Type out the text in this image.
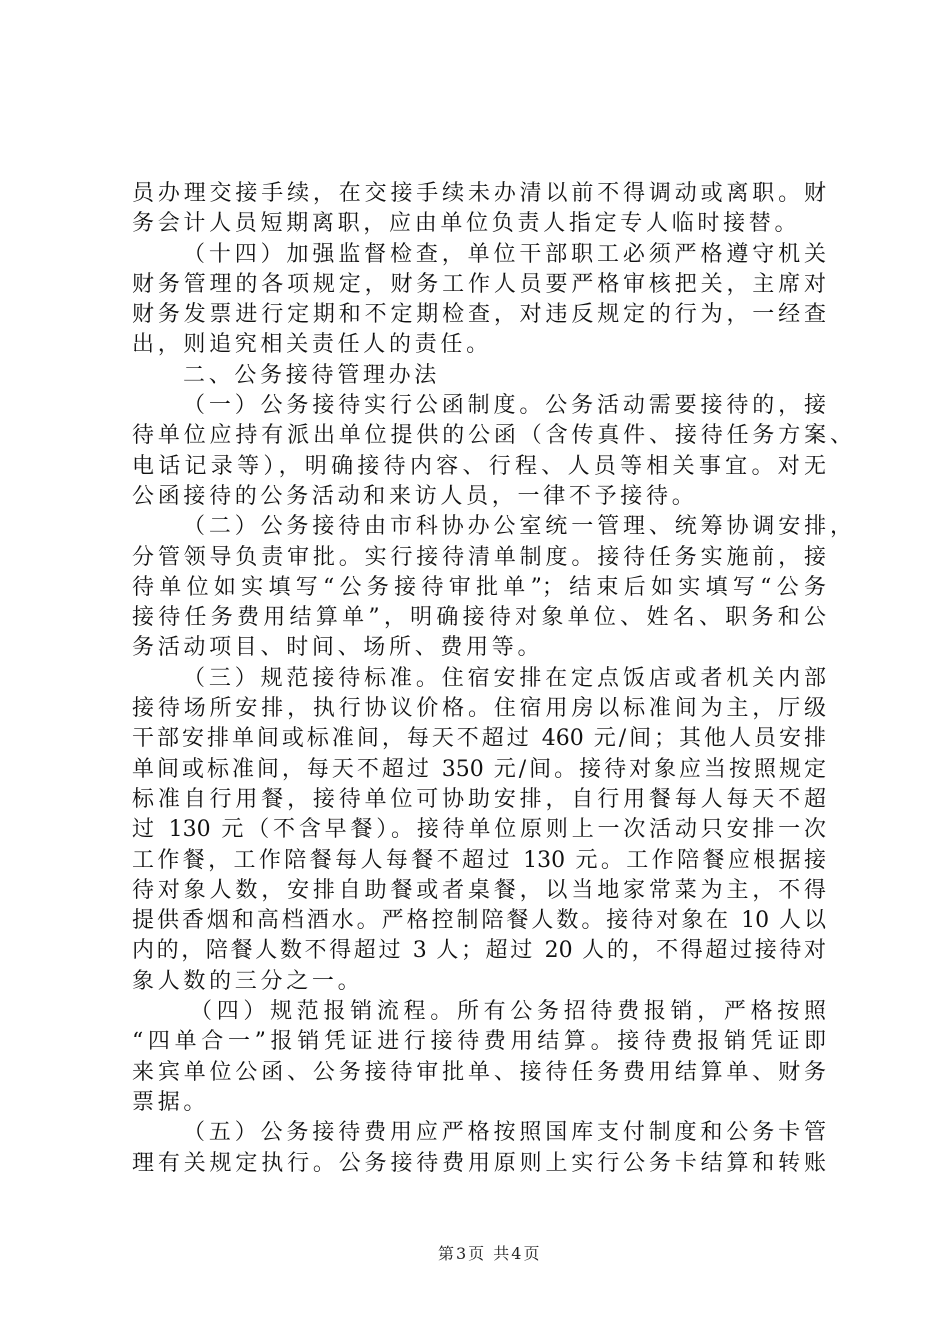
员办理交接手续，在交接手续未办清以前不得调动或离职。财
务会计人员短期离职，应由单位负责人指定专人临时接替。
（十四）加强监督检查，单位干部职工必须严格遵守机关
财务管理的各项规定，财务工作人员要严格审核把关，主席对
财务发票进行定期和不定期检查，对违反规定的行为，一经查
出，则追究相关责任人的责任。
二、公务接待管理办法
（一）公务接待实行公函制度。公务活动需要接待的，接
待单位应持有派出单位提供的公函（含传真件、接待任务方案、
电话记录等），明确接待内容、行程、人员等相关事宜。对无
公函接待的公务活动和来访人员，一律不予接待。
（二）公务接待由市科协办公室统一管理、统筹协调安排，
分管领导负责审批。实行接待清单制度。接待任务实施前，接
待单位如实填写“公务接待审批单”；结束后如实填写“公务
接待任务费用结算单”，明确接待对象单位、姓名、职务和公
务活动项目、时间、场所、费用等。
（三）规范接待标准。住宿安排在定点饭店或者机关内部
接待场所安排，执行协议价格。住宿用房以标准间为主，厅级
干部安排单间或标准间，每天不超过 460 元/间；其他人员安排
单间或标准间，每天不超过 350 元/间。接待对象应当按照规定
标准自行用餐，接待单位可协助安排，自行用餐每人每天不超
过 130 元（不含早餐）。接待单位原则上一次活动只安排一次
工作餐，工作陪餐每人每餐不超过 130 元。工作陪餐应根据接
待对象人数，安排自助餐或者桌餐，以当地家常菜为主，不得
提供香烟和高档酒水。严格控制陪餐人数。接待对象在 10 人以
内的，陪餐人数不得超过 3 人；超过 20 人的，不得超过接待对
象人数的三分之一。
（四）规范报销流程。所有公务招待费报销，严格按照
“四单合一”报销凭证进行接待费用结算。接待费报销凭证即
来宾单位公函、公务接待审批单、接待任务费用结算单、财务
票据。
（五）公务接待费用应严格按照国库支付制度和公务卡管
理有关规定执行。公务接待费用原则上实行公务卡结算和转账
第3页 共4页
